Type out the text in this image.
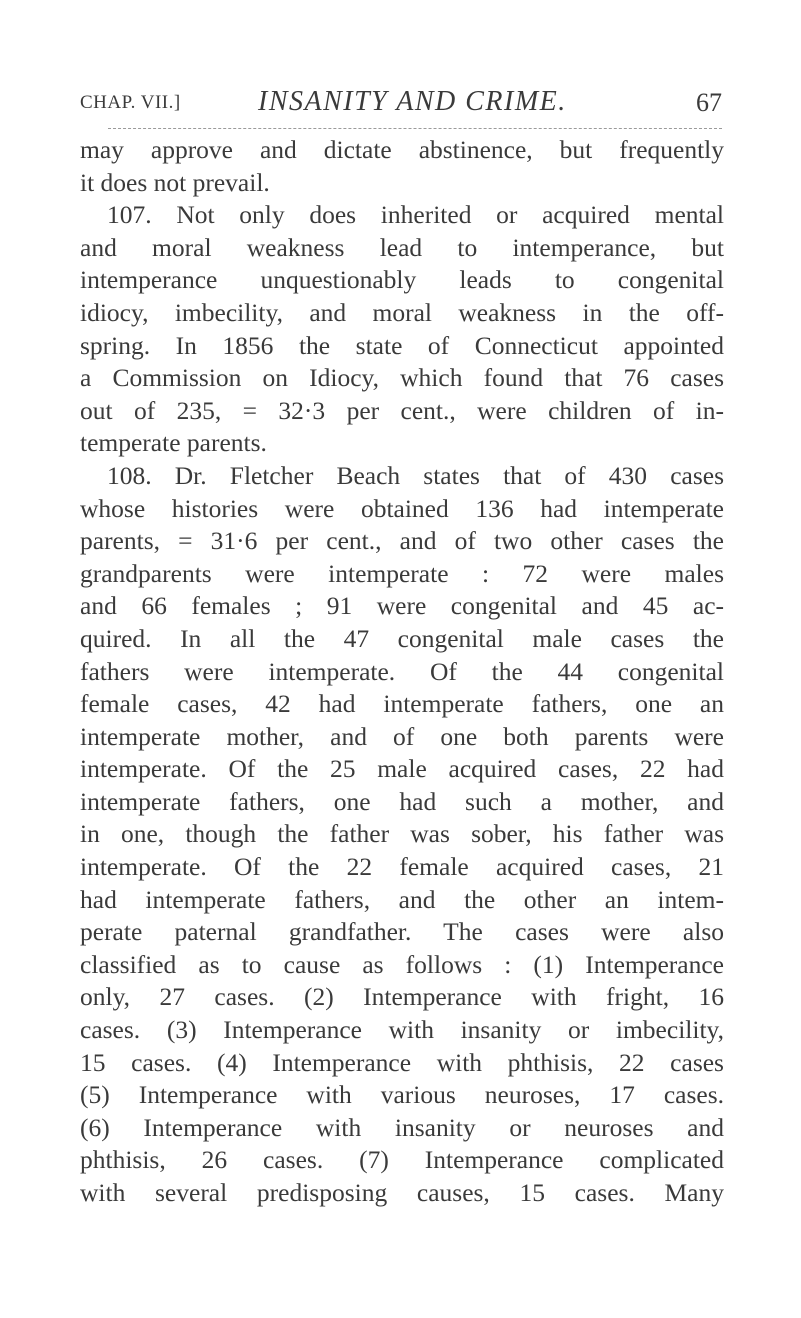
CHAP. VII.]	INSANITY AND CRIME.	67
may approve and dictate abstinence, but frequently
it does not prevail.
107. Not only does inherited or acquired mental
and moral weakness lead to intemperance, but
intemperance unquestionably leads to congenital
idiocy, imbecility, and moral weakness in the off-
spring. In 1856 the state of Connecticut appointed
a Commission on Idiocy, which found that 76 cases
out of 235, = 32·3 per cent., were children of in-
temperate parents.
108. Dr. Fletcher Beach states that of 430 cases
whose histories were obtained 136 had intemperate
parents, = 31·6 per cent., and of two other cases the
grandparents were intemperate : 72 were males
and 66 females ; 91 were congenital and 45 ac-
quired. In all the 47 congenital male cases the
fathers were intemperate. Of the 44 congenital
female cases, 42 had intemperate fathers, one an
intemperate mother, and of one both parents were
intemperate. Of the 25 male acquired cases, 22 had
intemperate fathers, one had such a mother, and
in one, though the father was sober, his father was
intemperate. Of the 22 female acquired cases, 21
had intemperate fathers, and the other an intem-
perate paternal grandfather. The cases were also
classified as to cause as follows : (1) Intemperance
only, 27 cases. (2) Intemperance with fright, 16
cases. (3) Intemperance with insanity or imbecility,
15 cases. (4) Intemperance with phthisis, 22 cases
(5) Intemperance with various neuroses, 17 cases.
(6) Intemperance with insanity or neuroses and
phthisis, 26 cases. (7) Intemperance complicated
with several predisposing causes, 15 cases. Many
